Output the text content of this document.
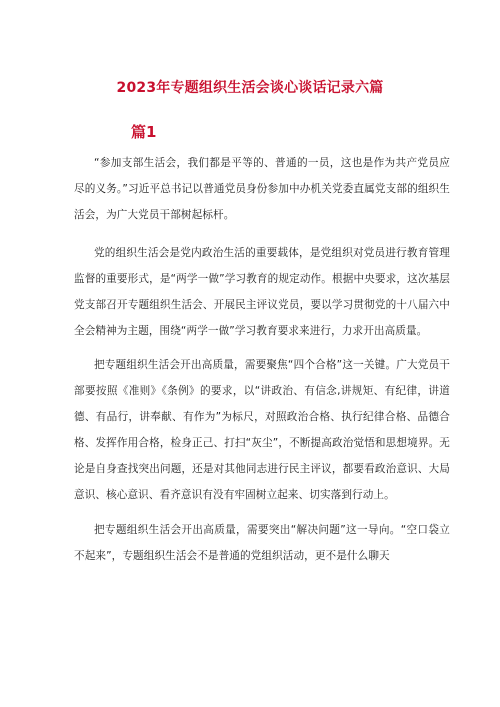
2023年专题组织生活会谈心谈话记录六篇
篇1

“参加支部生活会，我们都是平等的、普通的一员，这也是作为共产党员应尽的义务。”习近平总书记以普通党员身份参加中办机关党委直属党支部的组织生活会，为广大党员干部树起标杆。

党的组织生活会是党内政治生活的重要载体，是党组织对党员进行教育管理监督的重要形式，是“两学一做”学习教育的规定动作。根据中央要求，这次基层党支部召开专题组织生活会、开展民主评议党员，要以学习贯彻党的十八届六中全会精神为主题，围绕“两学一做”学习教育要求来进行，力求开出高质量。

把专题组织生活会开出高质量，需要聚焦“四个合格”这一关键。广大党员干部要按照《准则》《条例》的要求，以“讲政治、有信念,讲规矩、有纪律，讲道德、有品行，讲奉献、有作为”为标尺，对照政治合格、执行纪律合格、品德合格、发挥作用合格，检身正己、打扫“灰尘”，不断提高政治觉悟和思想境界。无论是自身查找突出问题，还是对其他同志进行民主评议，都要看政治意识、大局意识、核心意识、看齐意识有没有牢固树立起来、切实落到行动上。

把专题组织生活会开出高质量，需要突出“解决问题”这一导向。“空口袋立不起来”，专题组织生活会不是普通的党组织活动，更不是什么聊天
